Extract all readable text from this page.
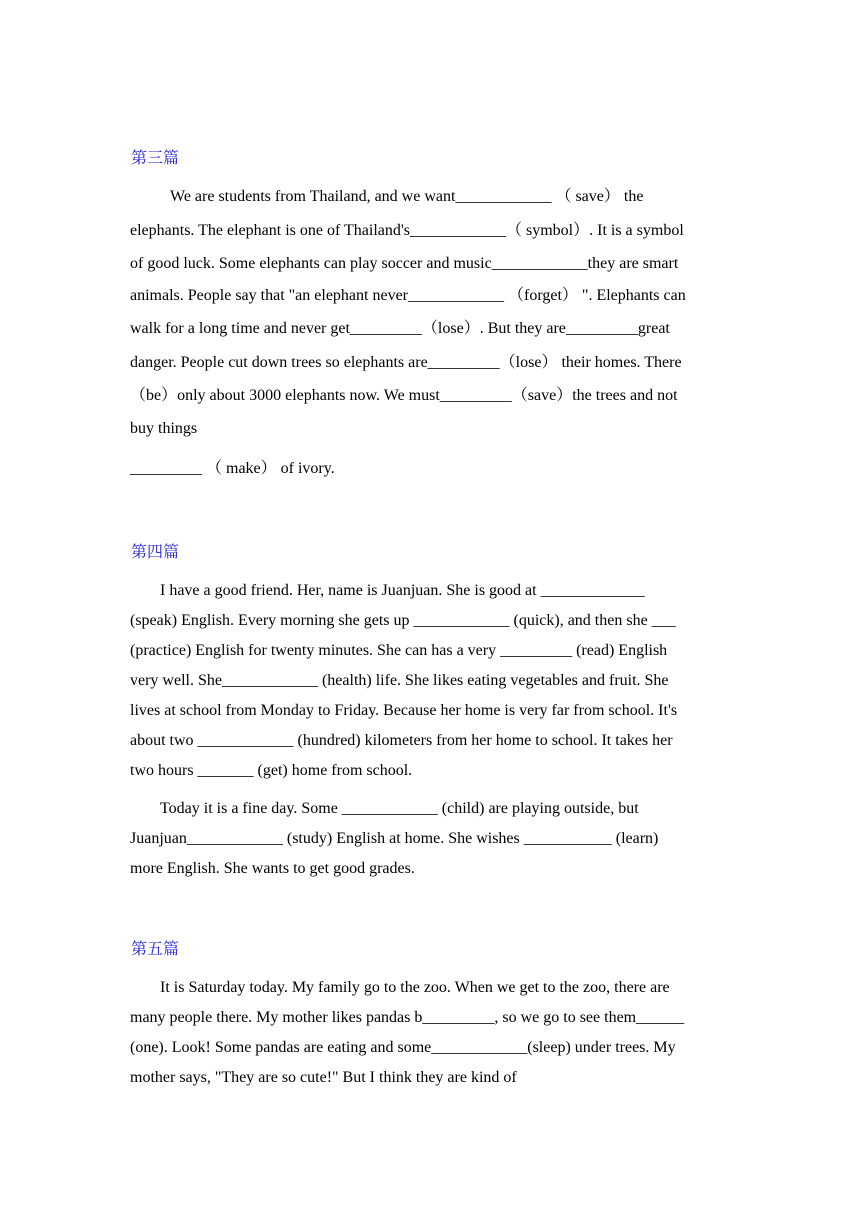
第三篇
We are students from Thailand, and we want____________ （ save） the
elephants. The elephant is one of Thailand's____________（ symbol）. It is a symbol
of good luck. Some elephants can play soccer and music____________they are smart
animals. People say that "an elephant never____________ （forget） ". Elephants can
walk for a long time and never get_________（lose）. But they are_________great
danger. People cut down trees so elephants are_________（lose） their homes. There
（be）only about 3000 elephants now. We must_________（save）the trees and not
buy things
_________ （ make） of ivory.
第四篇
I have a good friend. Her, name is Juanjuan. She is good at _____________
(speak) English. Every morning she gets up ____________ (quick), and then she ___
(practice) English for twenty minutes. She can has a very _________ (read) English
very well. She____________ (health) life. She likes eating vegetables and fruit. She
lives at school from Monday to Friday. Because her home is very far from school. It's
about two ____________ (hundred) kilometers from her home to school. It takes her
two hours _______ (get) home from school.
Today it is a fine day. Some ____________ (child) are playing outside, but
Juanjuan____________ (study) English at home. She wishes ___________ (learn)
more English. She wants to get good grades.
第五篇
It is Saturday today. My family go to the zoo. When we get to the zoo, there are
many people there. My mother likes pandas b_________, so we go to see them______
(one). Look! Some pandas are eating and some____________(sleep) under trees. My
mother says, "They are so cute!" But I think they are kind of
